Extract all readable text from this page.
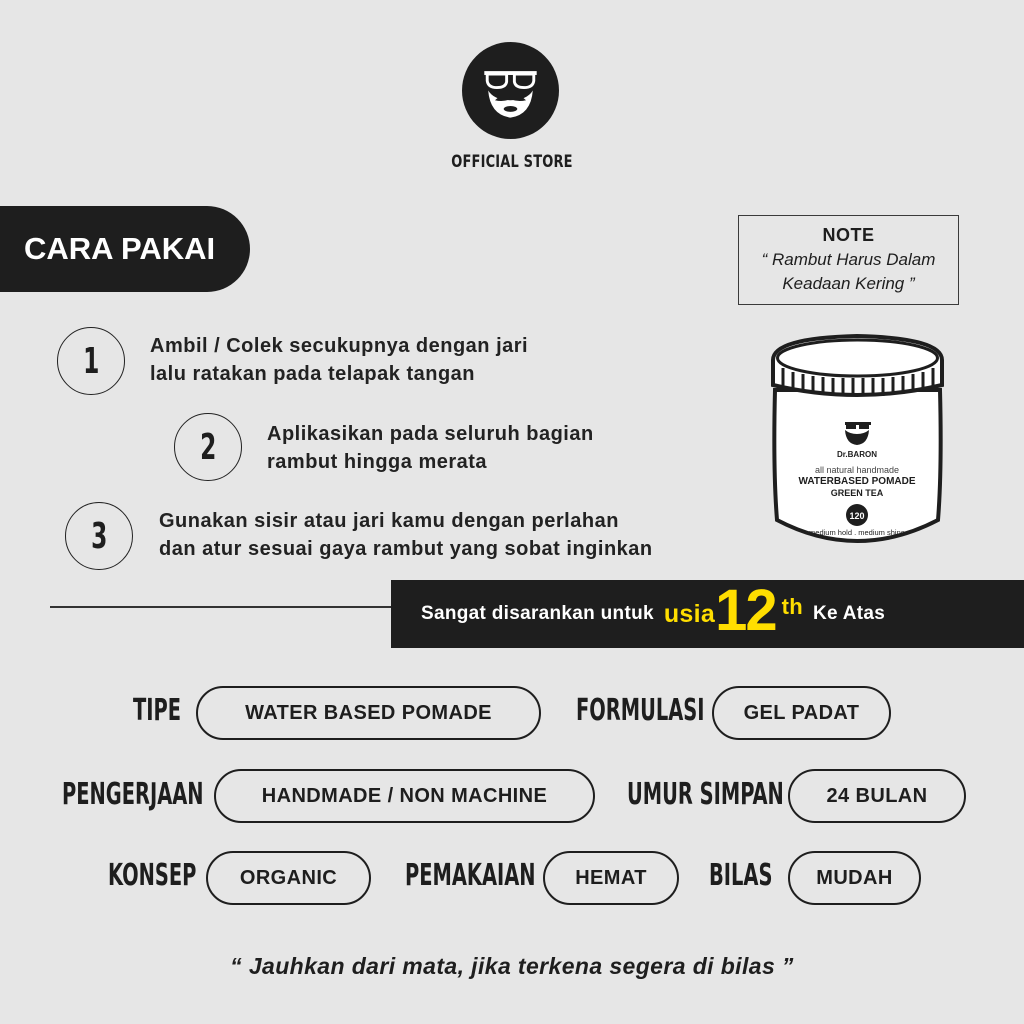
OFFICIAL STORE
CARA PAKAI	NOTE
“ Rambut Harus Dalam
Keadaan Kering ”
1	Ambil / Colek secukupnya dengan jari
lalu ratakan pada telapak tangan
2	Aplikasikan pada seluruh bagian
rambut hingga merata
3	Gunakan sisir atau jari kamu dengan perlahan
dan atur sesuai gaya rambut yang sobat inginkan
Dr.BARON
all natural handmade
WATERBASED POMADE
GREEN TEA
120
medium hold . medium shine
Sangat disarankan untuk usia 12 th Ke Atas
TIPE	WATER BASED POMADE	FORMULASI	GEL PADAT
PENGERJAAN	HANDMADE / NON MACHINE	UMUR SIMPAN	24 BULAN
KONSEP	ORGANIC	PEMAKAIAN	HEMAT	BILAS	MUDAH
“ Jauhkan dari mata, jika terkena segera di bilas ”
